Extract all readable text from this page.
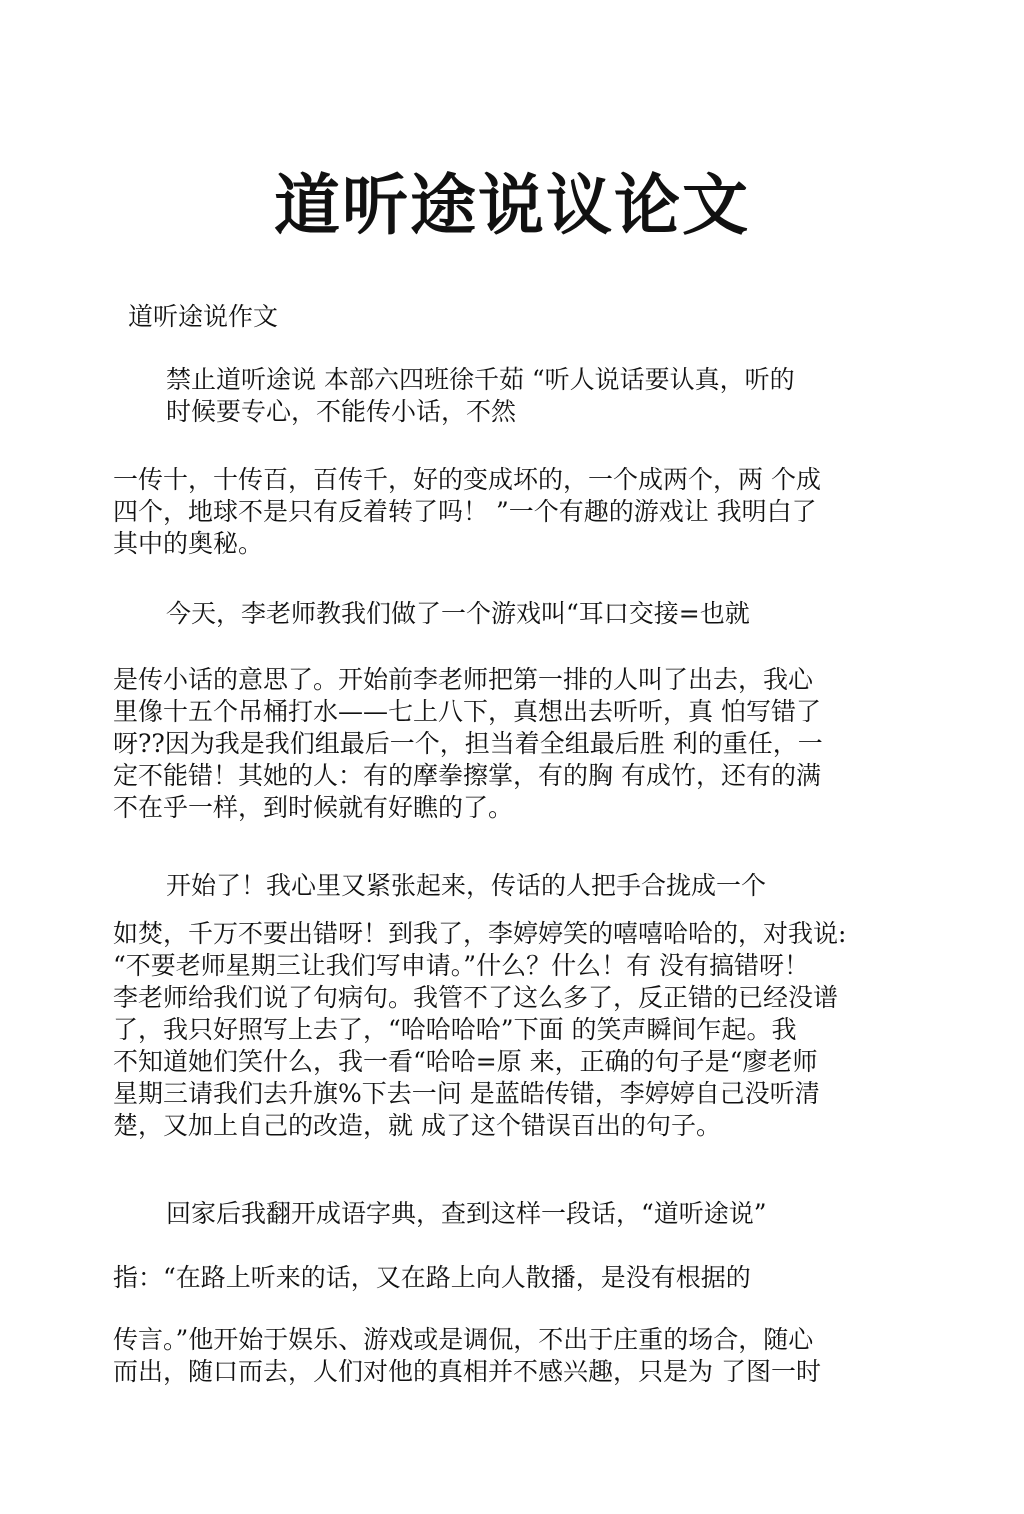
道听途说议论文

道听途说作文

禁止道听途说 本部六四班徐千茹 “听人说话要认真，听的
时候要专心，不能传小话，不然

一传十，十传百，百传千，好的变成坏的，一个成两个，两 个成
四个，地球不是只有反着转了吗！ ”一个有趣的游戏让 我明白了
其中的奥秘。

今天，李老师教我们做了一个游戏叫“耳口交接=也就

是传小话的意思了。开始前李老师把第一排的人叫了出去，我心
里像十五个吊桶打水——七上八下，真想出去听听，真 怕写错了
呀??因为我是我们组最后一个，担当着全组最后胜 利的重任，一
定不能错！其她的人：有的摩拳擦掌，有的胸 有成竹，还有的满
不在乎一样，到时候就有好瞧的了。

开始了！我心里又紧张起来，传话的人把手合拢成一个

如焚，千万不要出错呀！到我了，李婷婷笑的嘻嘻哈哈的，对我说:
“不要老师星期三让我们写申请。”什么？什么！有 没有搞错呀！
李老师给我们说了句病句。我管不了这么多了，反正错的已经没谱
了，我只好照写上去了，“哈哈哈哈”下面 的笑声瞬间乍起。我
不知道她们笑什么，我一看“哈哈=原 来，正确的句子是“廖老师
星期三请我们去升旗%下去一问 是蓝皓传错，李婷婷自己没听清
楚，又加上自己的改造，就 成了这个错误百出的句子。

回家后我翻开成语字典，查到这样一段话，“道听途说”

指：“在路上听来的话，又在路上向人散播，是没有根据的

传言。”他开始于娱乐、游戏或是调侃，不出于庄重的场合，随心
而出，随口而去，人们对他的真相并不感兴趣，只是为 了图一时
